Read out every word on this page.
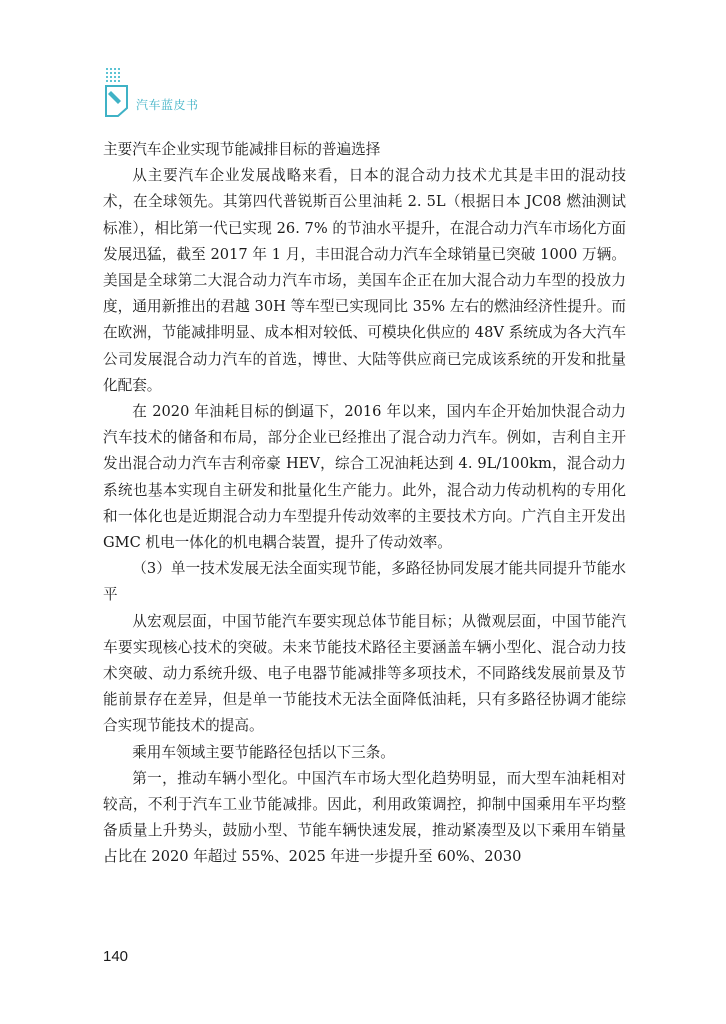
汽车蓝皮书

主要汽车企业实现节能减排目标的普遍选择

从主要汽车企业发展战略来看，日本的混合动力技术尤其是丰田的混动技术，在全球领先。其第四代普锐斯百公里油耗 2. 5L（根据日本 JC08 燃油测试标准），相比第一代已实现 26. 7% 的节油水平提升，在混合动力汽车市场化方面发展迅猛，截至 2017 年 1 月，丰田混合动力汽车全球销量已突破 1000 万辆。美国是全球第二大混合动力汽车市场，美国车企正在加大混合动力车型的投放力度，通用新推出的君越 30H 等车型已实现同比 35% 左右的燃油经济性提升。而在欧洲，节能减排明显、成本相对较低、可模块化供应的 48V 系统成为各大汽车公司发展混合动力汽车的首选，博世、大陆等供应商已完成该系统的开发和批量化配套。

在 2020 年油耗目标的倒逼下，2016 年以来，国内车企开始加快混合动力汽车技术的储备和布局，部分企业已经推出了混合动力汽车。例如，吉利自主开发出混合动力汽车吉利帝豪 HEV，综合工况油耗达到 4. 9L/100km，混合动力系统也基本实现自主研发和批量化生产能力。此外，混合动力传动机构的专用化和一体化也是近期混合动力车型提升传动效率的主要技术方向。广汽自主开发出 GMC 机电一体化的机电耦合装置，提升了传动效率。

（3）单一技术发展无法全面实现节能，多路径协同发展才能共同提升节能水平

从宏观层面，中国节能汽车要实现总体节能目标；从微观层面，中国节能汽车要实现核心技术的突破。未来节能技术路径主要涵盖车辆小型化、混合动力技术突破、动力系统升级、电子电器节能减排等多项技术，不同路线发展前景及节能前景存在差异，但是单一节能技术无法全面降低油耗，只有多路径协调才能综合实现节能技术的提高。

乘用车领域主要节能路径包括以下三条。

第一，推动车辆小型化。中国汽车市场大型化趋势明显，而大型车油耗相对较高，不利于汽车工业节能减排。因此，利用政策调控，抑制中国乘用车平均整备质量上升势头，鼓励小型、节能车辆快速发展，推动紧凑型及以下乘用车销量占比在 2020 年超过 55%、2025 年进一步提升至 60%、2030

140
